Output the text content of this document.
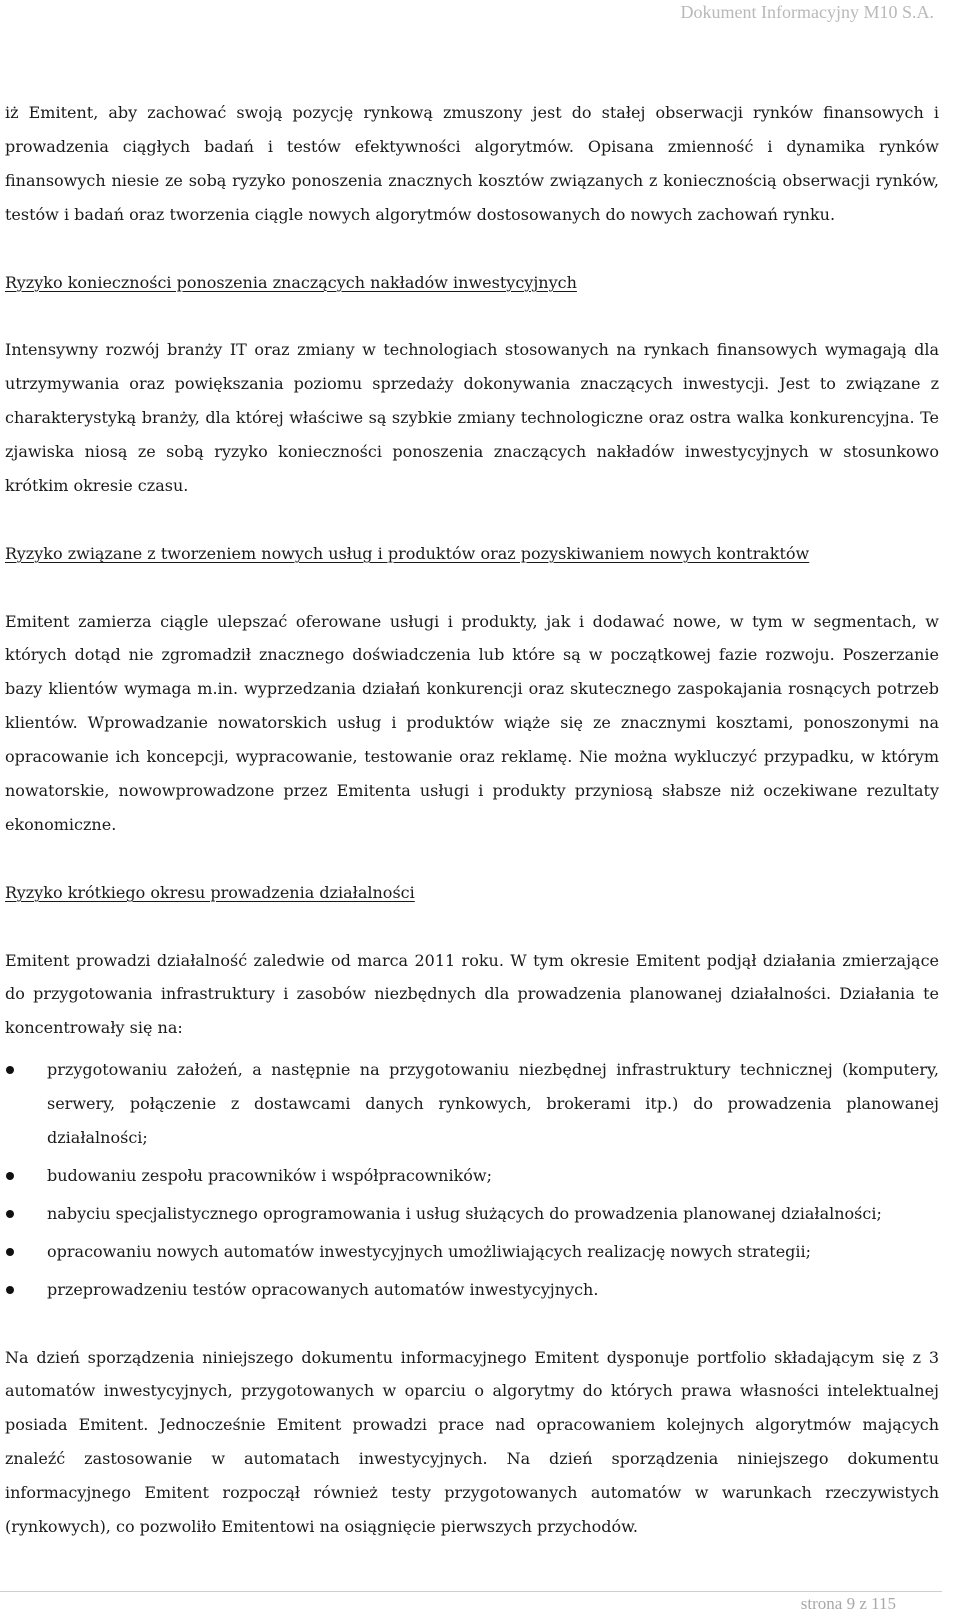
Dokument Informacyjny M10 S.A.

iż Emitent, aby zachować swoją pozycję rynkową zmuszony jest do stałej obserwacji rynków finansowych i prowadzenia ciągłych badań i testów efektywności algorytmów. Opisana zmienność i dynamika rynków finansowych niesie ze sobą ryzyko ponoszenia znacznych kosztów związanych z koniecznością obserwacji rynków, testów i badań oraz tworzenia ciągle nowych algorytmów dostosowanych do nowych zachowań rynku.

Ryzyko konieczności ponoszenia znaczących nakładów inwestycyjnych

Intensywny rozwój branży IT oraz zmiany w technologiach stosowanych na rynkach finansowych wymagają dla utrzymywania oraz powiększania poziomu sprzedaży dokonywania znaczących inwestycji. Jest to związane z charakterystyką branży, dla której właściwe są szybkie zmiany technologiczne oraz ostra walka konkurencyjna. Te zjawiska niosą ze sobą ryzyko konieczności ponoszenia znaczących nakładów inwestycyjnych w stosunkowo krótkim okresie czasu.

Ryzyko związane z tworzeniem nowych usług i produktów oraz pozyskiwaniem nowych kontraktów

Emitent zamierza ciągle ulepszać oferowane usługi i produkty, jak i dodawać nowe, w tym w segmentach, w których dotąd nie zgromadził znacznego doświadczenia lub które są w początkowej fazie rozwoju. Poszerzanie bazy klientów wymaga m.in. wyprzedzania działań konkurencji oraz skutecznego zaspokajania rosnących potrzeb klientów. Wprowadzanie nowatorskich usług i produktów wiąże się ze znacznymi kosztami, ponoszonymi na opracowanie ich koncepcji, wypracowanie, testowanie oraz reklamę. Nie można wykluczyć przypadku, w którym nowatorskie, nowowprowadzone przez Emitenta usługi i produkty przyniosą słabsze niż oczekiwane rezultaty ekonomiczne.

Ryzyko krótkiego okresu prowadzenia działalności

Emitent prowadzi działalność zaledwie od marca 2011 roku. W tym okresie Emitent podjął działania zmierzające do przygotowania infrastruktury i zasobów niezbędnych dla prowadzenia planowanej działalności. Działania te koncentrowały się na:

przygotowaniu założeń, a następnie na przygotowaniu niezbędnej infrastruktury technicznej (komputery, serwery, połączenie z dostawcami danych rynkowych, brokerami itp.) do prowadzenia planowanej działalności;
budowaniu zespołu pracowników i współpracowników;
nabyciu specjalistycznego oprogramowania i usług służących do prowadzenia planowanej działalności;
opracowaniu nowych automatów inwestycyjnych umożliwiających realizację nowych strategii;
przeprowadzeniu testów opracowanych automatów inwestycyjnych.

Na dzień sporządzenia niniejszego dokumentu informacyjnego Emitent dysponuje portfolio składającym się z 3 automatów inwestycyjnych, przygotowanych w oparciu o algorytmy do których prawa własności intelektualnej posiada Emitent. Jednocześnie Emitent prowadzi prace nad opracowaniem kolejnych algorytmów mających znaleźć zastosowanie w automatach inwestycyjnych. Na dzień sporządzenia niniejszego dokumentu informacyjnego Emitent rozpoczął również testy przygotowanych automatów w warunkach rzeczywistych (rynkowych), co pozwoliło Emitentowi na osiągnięcie pierwszych przychodów.

strona 9 z 115
